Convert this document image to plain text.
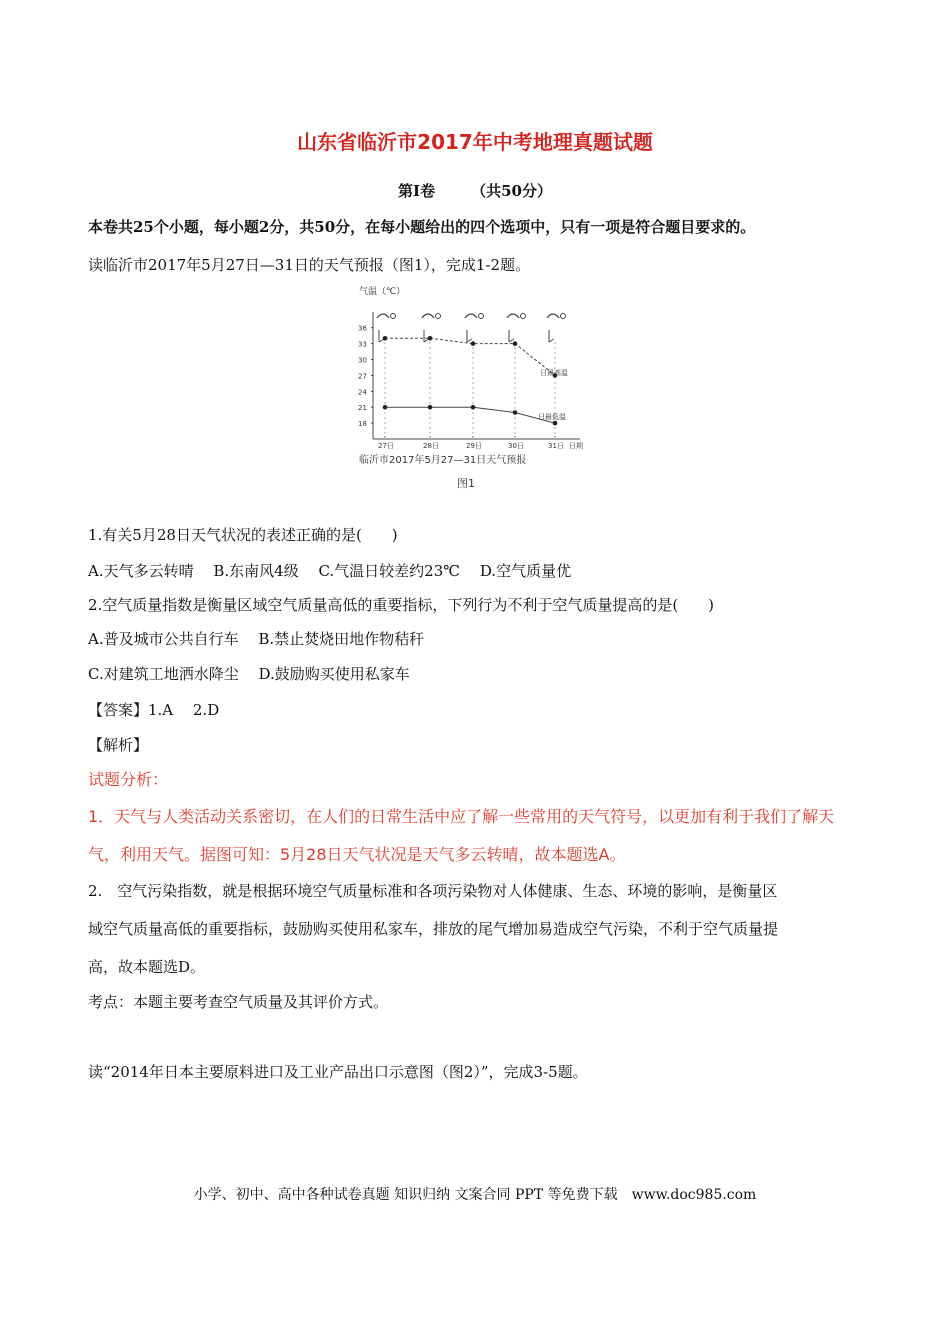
山东省临沂市2017年中考地理真题试题
第Ⅰ卷 （共50分）
本卷共25个小题，每小题2分，共50分，在每小题给出的四个选项中，只有一项是符合题目要求的。
读临沂市2017年5月27日—31日的天气预报（图1），完成1-2题。
气温（℃）
36
33
30
27
24
21
18
27日	28日	29日	30日	31日 日期
日最高温
日最低温
临沂市2017年5月27—31日天气预报
图1
1.有关5月28日天气状况的表述正确的是(　　)
A.天气多云转晴　 B.东南风4级　 C.气温日较差约23℃　 D.空气质量优
2.空气质量指数是衡量区域空气质量高低的重要指标，下列行为不利于空气质量提高的是(　　)
A.普及城市公共自行车　 B.禁止焚烧田地作物秸秆
C.对建筑工地洒水降尘　 D.鼓励购买使用私家车
【答案】1.A　 2.D
【解析】
试题分析：
1．天气与人类活动关系密切，在人们的日常生活中应了解一些常用的天气符号，以更加有利于我们了解天
气，利用天气。据图可知：5月28日天气状况是天气多云转晴，故本题选A。
2.　空气污染指数，就是根据环境空气质量标准和各项污染物对人体健康、生态、环境的影响，是衡量区
域空气质量高低的重要指标，鼓励购买使用私家车，排放的尾气增加易造成空气污染，不利于空气质量提
高，故本题选D。
考点：本题主要考查空气质量及其评价方式。
读“2014年日本主要原料进口及工业产品出口示意图（图2）”，完成3-5题。
小学、初中、高中各种试卷真题 知识归纳 文案合同 PPT 等免费下载　www.doc985.com
